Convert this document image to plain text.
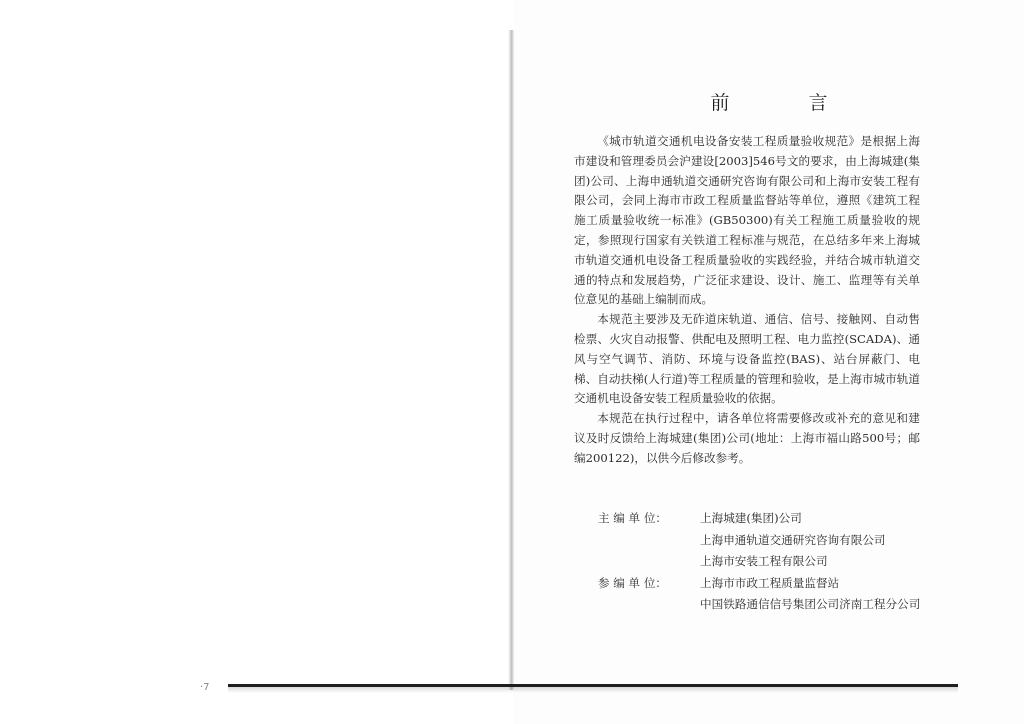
·7
前　言

《城市轨道交通机电设备安装工程质量验收规范》是根据上海市建设和管理委员会沪建设[2003]546号文的要求，由上海城建(集团)公司、上海申通轨道交通研究咨询有限公司和上海市安装工程有限公司，会同上海市市政工程质量监督站等单位，遵照《建筑工程施工质量验收统一标准》(GB50300)有关工程施工质量验收的规定，参照现行国家有关铁道工程标准与规范，在总结多年来上海城市轨道交通机电设备工程质量验收的实践经验，并结合城市轨道交通的特点和发展趋势，广泛征求建设、设计、施工、监理等有关单位意见的基础上编制而成。

本规范主要涉及无砟道床轨道、通信、信号、接触网、自动售检票、火灾自动报警、供配电及照明工程、电力监控(SCADA)、通风与空气调节、消防、环境与设备监控(BAS)、站台屏蔽门、电梯、自动扶梯(人行道)等工程质量的管理和验收，是上海市城市轨道交通机电设备安装工程质量验收的依据。

本规范在执行过程中，请各单位将需要修改或补充的意见和建议及时反馈给上海城建(集团)公司(地址：上海市福山路500号；邮编200122)，以供今后修改参考。

主 编 单 位：	上海城建(集团)公司
上海申通轨道交通研究咨询有限公司
上海市安装工程有限公司
参 编 单 位：	上海市市政工程质量监督站
中国铁路通信信号集团公司济南工程分公司
